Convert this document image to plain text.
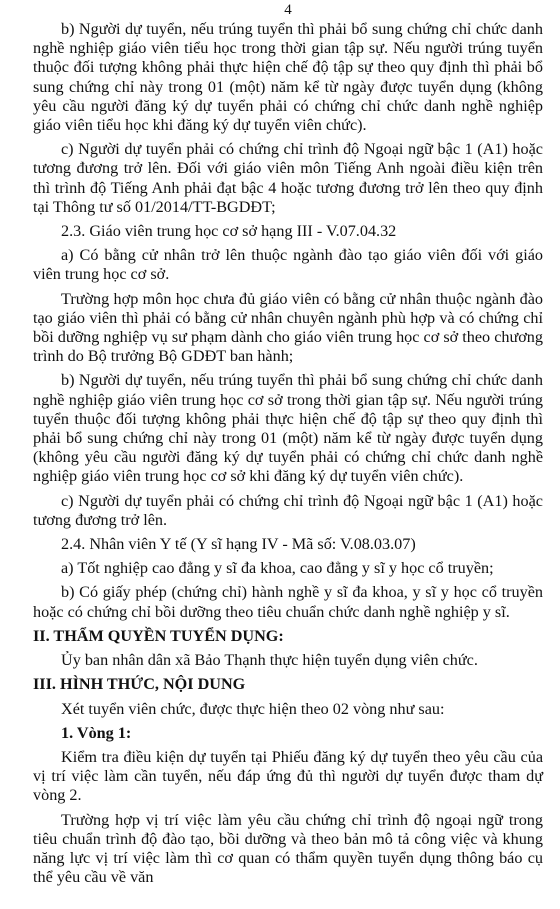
4

b) Người dự tuyển, nếu trúng tuyển thì phải bổ sung chứng chỉ chức danh nghề nghiệp giáo viên tiểu học trong thời gian tập sự. Nếu người trúng tuyển thuộc đối tượng không phải thực hiện chế độ tập sự theo quy định thì phải bổ sung chứng chỉ này trong 01 (một) năm kể từ ngày được tuyển dụng (không yêu cầu người đăng ký dự tuyển phải có chứng chỉ chức danh nghề nghiệp giáo viên tiểu học khi đăng ký dự tuyển viên chức).

c) Người dự tuyển phải có chứng chỉ trình độ Ngoại ngữ bậc 1 (A1) hoặc tương đương trở lên. Đối với giáo viên môn Tiếng Anh ngoài điều kiện trên thì trình độ Tiếng Anh phải đạt bậc 4 hoặc tương đương trở lên theo quy định tại Thông tư số 01/2014/TT-BGDĐT;

2.3. Giáo viên trung học cơ sở hạng III - V.07.04.32

a) Có bằng cử nhân trở lên thuộc ngành đào tạo giáo viên đối với giáo viên trung học cơ sở.

Trường hợp môn học chưa đủ giáo viên có bằng cử nhân thuộc ngành đào tạo giáo viên thì phải có bằng cử nhân chuyên ngành phù hợp và có chứng chỉ bồi dưỡng nghiệp vụ sư phạm dành cho giáo viên trung học cơ sở theo chương trình do Bộ trưởng Bộ GDĐT ban hành;

b) Người dự tuyển, nếu trúng tuyển thì phải bổ sung chứng chỉ chức danh nghề nghiệp giáo viên trung học cơ sở trong thời gian tập sự. Nếu người trúng tuyển thuộc đối tượng không phải thực hiện chế độ tập sự theo quy định thì phải bổ sung chứng chỉ này trong 01 (một) năm kể từ ngày được tuyển dụng (không yêu cầu người đăng ký dự tuyển phải có chứng chỉ chức danh nghề nghiệp giáo viên trung học cơ sở khi đăng ký dự tuyển viên chức).

c) Người dự tuyển phải có chứng chỉ trình độ Ngoại ngữ bậc 1 (A1) hoặc tương đương trở lên.

2.4. Nhân viên Y tế (Y sĩ hạng IV - Mã số: V.08.03.07)

a) Tốt nghiệp cao đẳng y sĩ đa khoa, cao đẳng y sĩ y học cổ truyền;

b) Có giấy phép (chứng chỉ) hành nghề y sĩ đa khoa, y sĩ y học cổ truyền hoặc có chứng chỉ bồi dưỡng theo tiêu chuẩn chức danh nghề nghiệp y sĩ.

II. THẨM QUYỀN TUYỂN DỤNG:

Ủy ban nhân dân xã Bảo Thạnh thực hiện tuyển dụng viên chức.

III. HÌNH THỨC, NỘI DUNG

Xét tuyển viên chức, được thực hiện theo 02 vòng như sau:

1. Vòng 1:

Kiểm tra điều kiện dự tuyển tại Phiếu đăng ký dự tuyển theo yêu cầu của vị trí việc làm cần tuyển, nếu đáp ứng đủ thì người dự tuyển được tham dự vòng 2.

Trường hợp vị trí việc làm yêu cầu chứng chỉ trình độ ngoại ngữ trong tiêu chuẩn trình độ đào tạo, bồi dưỡng và theo bản mô tả công việc và khung năng lực vị trí việc làm thì cơ quan có thẩm quyền tuyển dụng thông báo cụ thể yêu cầu về văn
